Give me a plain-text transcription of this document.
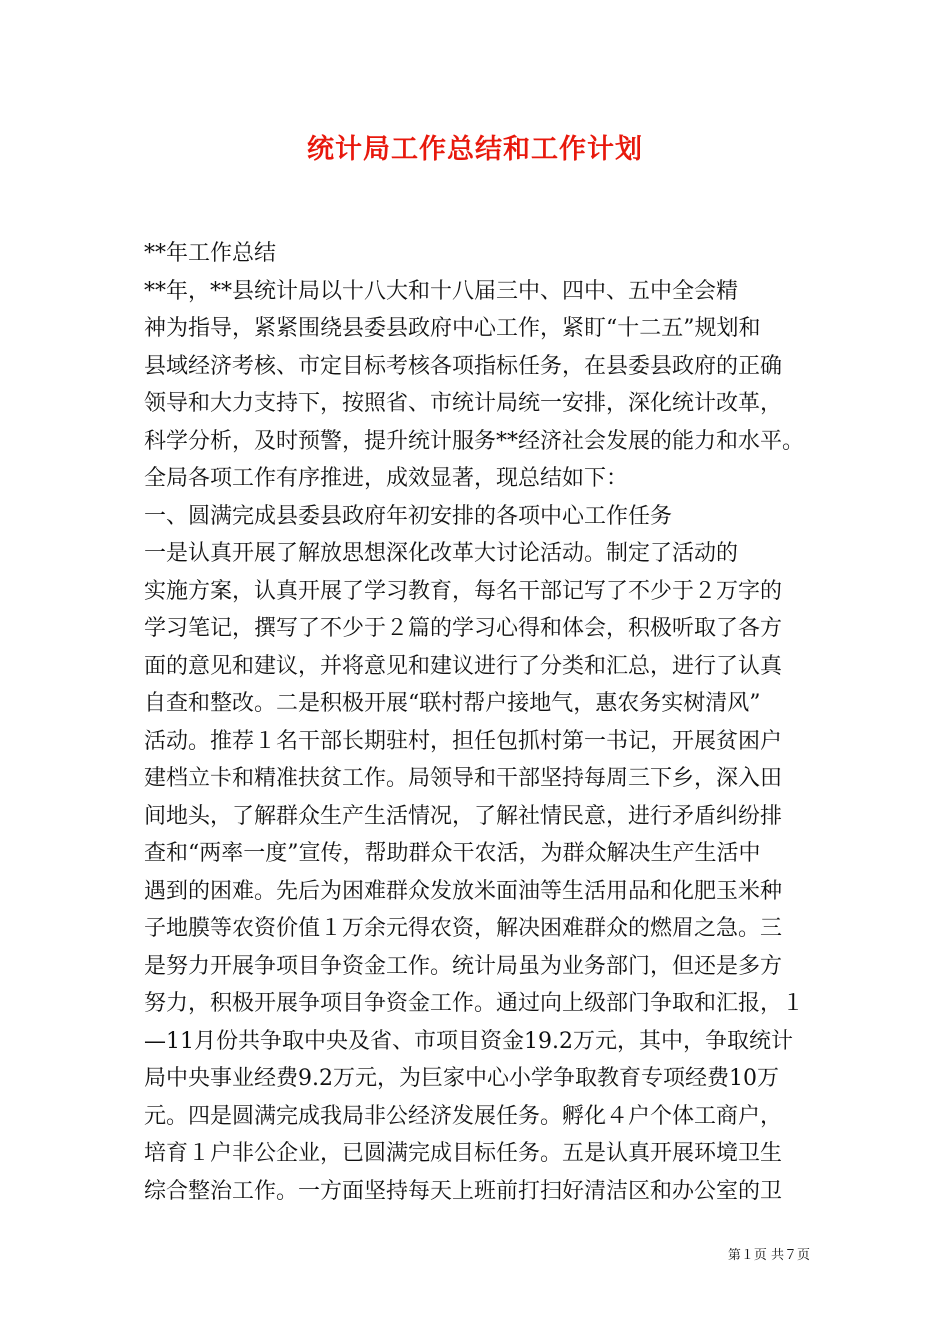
统计局工作总结和工作计划
**年工作总结
**年，**县统计局以十八大和十八届三中、四中、五中全会精
神为指导，紧紧围绕县委县政府中心工作，紧盯“十二五”规划和
县域经济考核、市定目标考核各项指标任务，在县委县政府的正确
领导和大力支持下，按照省、市统计局统一安排，深化统计改革，
科学分析，及时预警，提升统计服务**经济社会发展的能力和水平。
全局各项工作有序推进，成效显著，现总结如下：
一、圆满完成县委县政府年初安排的各项中心工作任务
一是认真开展了解放思想深化改革大讨论活动。制定了活动的
实施方案，认真开展了学习教育，每名干部记写了不少于２万字的
学习笔记，撰写了不少于２篇的学习心得和体会，积极听取了各方
面的意见和建议，并将意见和建议进行了分类和汇总，进行了认真
自查和整改。二是积极开展“联村帮户接地气，惠农务实树清风”
活动。推荐１名干部长期驻村，担任包抓村第一书记，开展贫困户
建档立卡和精准扶贫工作。局领导和干部坚持每周三下乡，深入田
间地头，了解群众生产生活情况，了解社情民意，进行矛盾纠纷排
查和“两率一度”宣传，帮助群众干农活，为群众解决生产生活中
遇到的困难。先后为困难群众发放米面油等生活用品和化肥玉米种
子地膜等农资价值１万余元得农资，解决困难群众的燃眉之急。三
是努力开展争项目争资金工作。统计局虽为业务部门，但还是多方
努力，积极开展争项目争资金工作。通过向上级部门争取和汇报，１
—11月份共争取中央及省、市项目资金19.2万元，其中，争取统计
局中央事业经费9.2万元，为巨家中心小学争取教育专项经费10万
元。四是圆满完成我局非公经济发展任务。孵化４户个体工商户，
培育１户非公企业，已圆满完成目标任务。五是认真开展环境卫生
综合整治工作。一方面坚持每天上班前打扫好清洁区和办公室的卫
第１页 共７页
